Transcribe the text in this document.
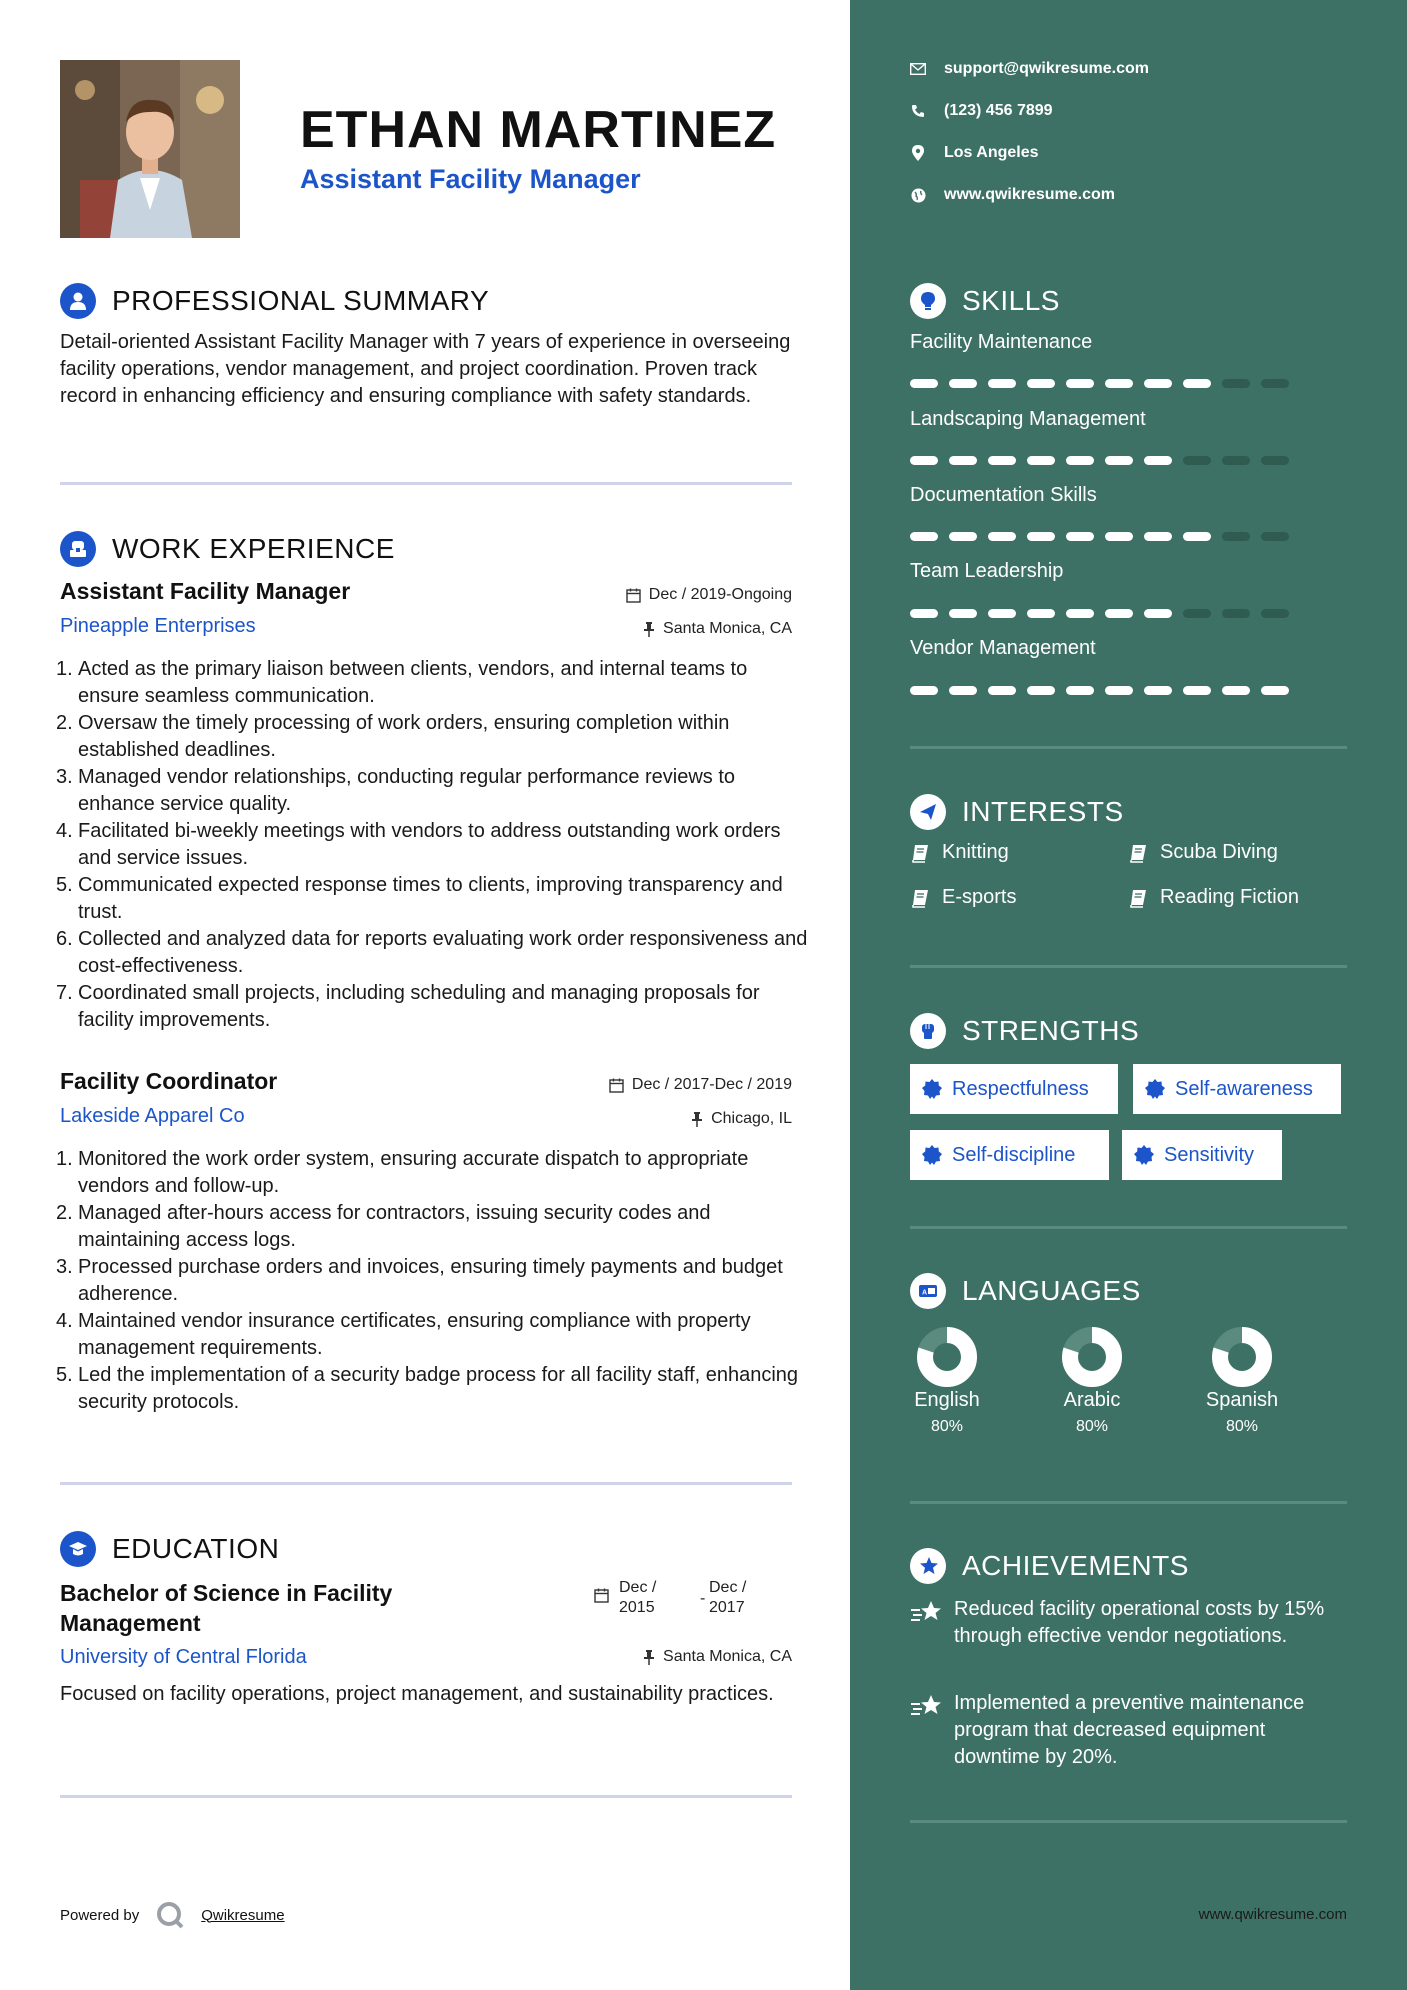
ETHAN MARTINEZ
Assistant Facility Manager
PROFESSIONAL SUMMARY
Detail-oriented Assistant Facility Manager with 7 years of experience in overseeing facility operations, vendor management, and project coordination. Proven track record in enhancing efficiency and ensuring compliance with safety standards.
WORK EXPERIENCE
Assistant Facility Manager	Dec / 2019-Ongoing
Pineapple Enterprises	Santa Monica, CA
1. Acted as the primary liaison between clients, vendors, and internal teams to ensure seamless communication.
2. Oversaw the timely processing of work orders, ensuring completion within established deadlines.
3. Managed vendor relationships, conducting regular performance reviews to enhance service quality.
4. Facilitated bi-weekly meetings with vendors to address outstanding work orders and service issues.
5. Communicated expected response times to clients, improving transparency and trust.
6. Collected and analyzed data for reports evaluating work order responsiveness and cost-effectiveness.
7. Coordinated small projects, including scheduling and managing proposals for facility improvements.
Facility Coordinator	Dec / 2017-Dec / 2019
Lakeside Apparel Co	Chicago, IL
1. Monitored the work order system, ensuring accurate dispatch to appropriate vendors and follow-up.
2. Managed after-hours access for contractors, issuing security codes and maintaining access logs.
3. Processed purchase orders and invoices, ensuring timely payments and budget adherence.
4. Maintained vendor insurance certificates, ensuring compliance with property management requirements.
5. Led the implementation of a security badge process for all facility staff, enhancing security protocols.
EDUCATION
Bachelor of Science in Facility
Management
Dec /
2015
-
Dec /
2017
University of Central Florida	Santa Monica, CA
Focused on facility operations, project management, and sustainability practices.
Powered by	Qwikresume
support@qwikresume.com
(123) 456 7899
Los Angeles
www.qwikresume.com
SKILLS
Facility Maintenance
Landscaping Management
Documentation Skills
Team Leadership
Vendor Management
INTERESTS
Knitting	Scuba Diving
E-sports	Reading Fiction
STRENGTHS
Respectfulness	Self-awareness
Self-discipline	Sensitivity
A LANGUAGES
English
80%
Arabic
80%
Spanish
80%
ACHIEVEMENTS
Reduced facility operational costs by 15% through effective vendor negotiations.
Implemented a preventive maintenance program that decreased equipment downtime by 20%.
www.qwikresume.com
